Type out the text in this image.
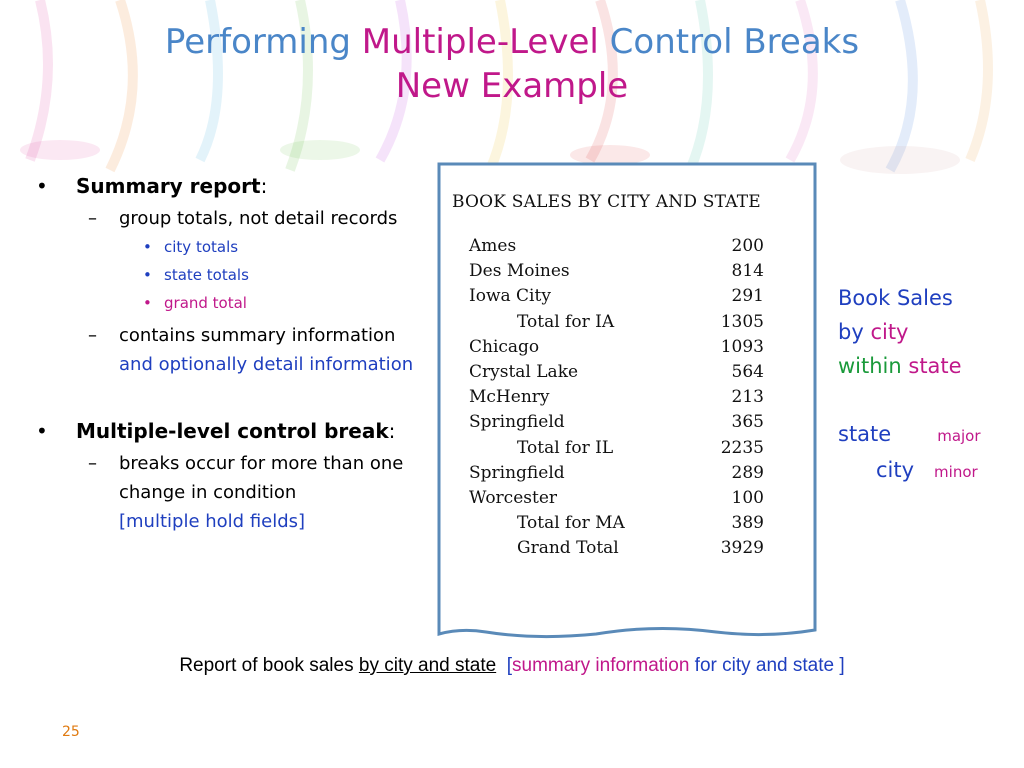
Performing Multiple-Level Control Breaks
New Example
• Summary report:
– group totals, not detail records
• city totals
• state totals
• grand total
– contains summary information and optionally detail information
• Multiple-level control break:
– breaks occur for more than one change in condition
[multiple hold fields]
BOOK SALES BY CITY AND STATE
Ames	200
Des Moines	814
Iowa City	291
Total for IA	1305
Chicago	1093
Crystal Lake	564
McHenry	213
Springfield	365
Total for IL	2235
Springfield	289
Worcester	100
Total for MA	389
Grand Total	3929
Book Sales
by city
within state
state	major
city minor
Report of book sales by city and state  [summary information for city and state ]
25
